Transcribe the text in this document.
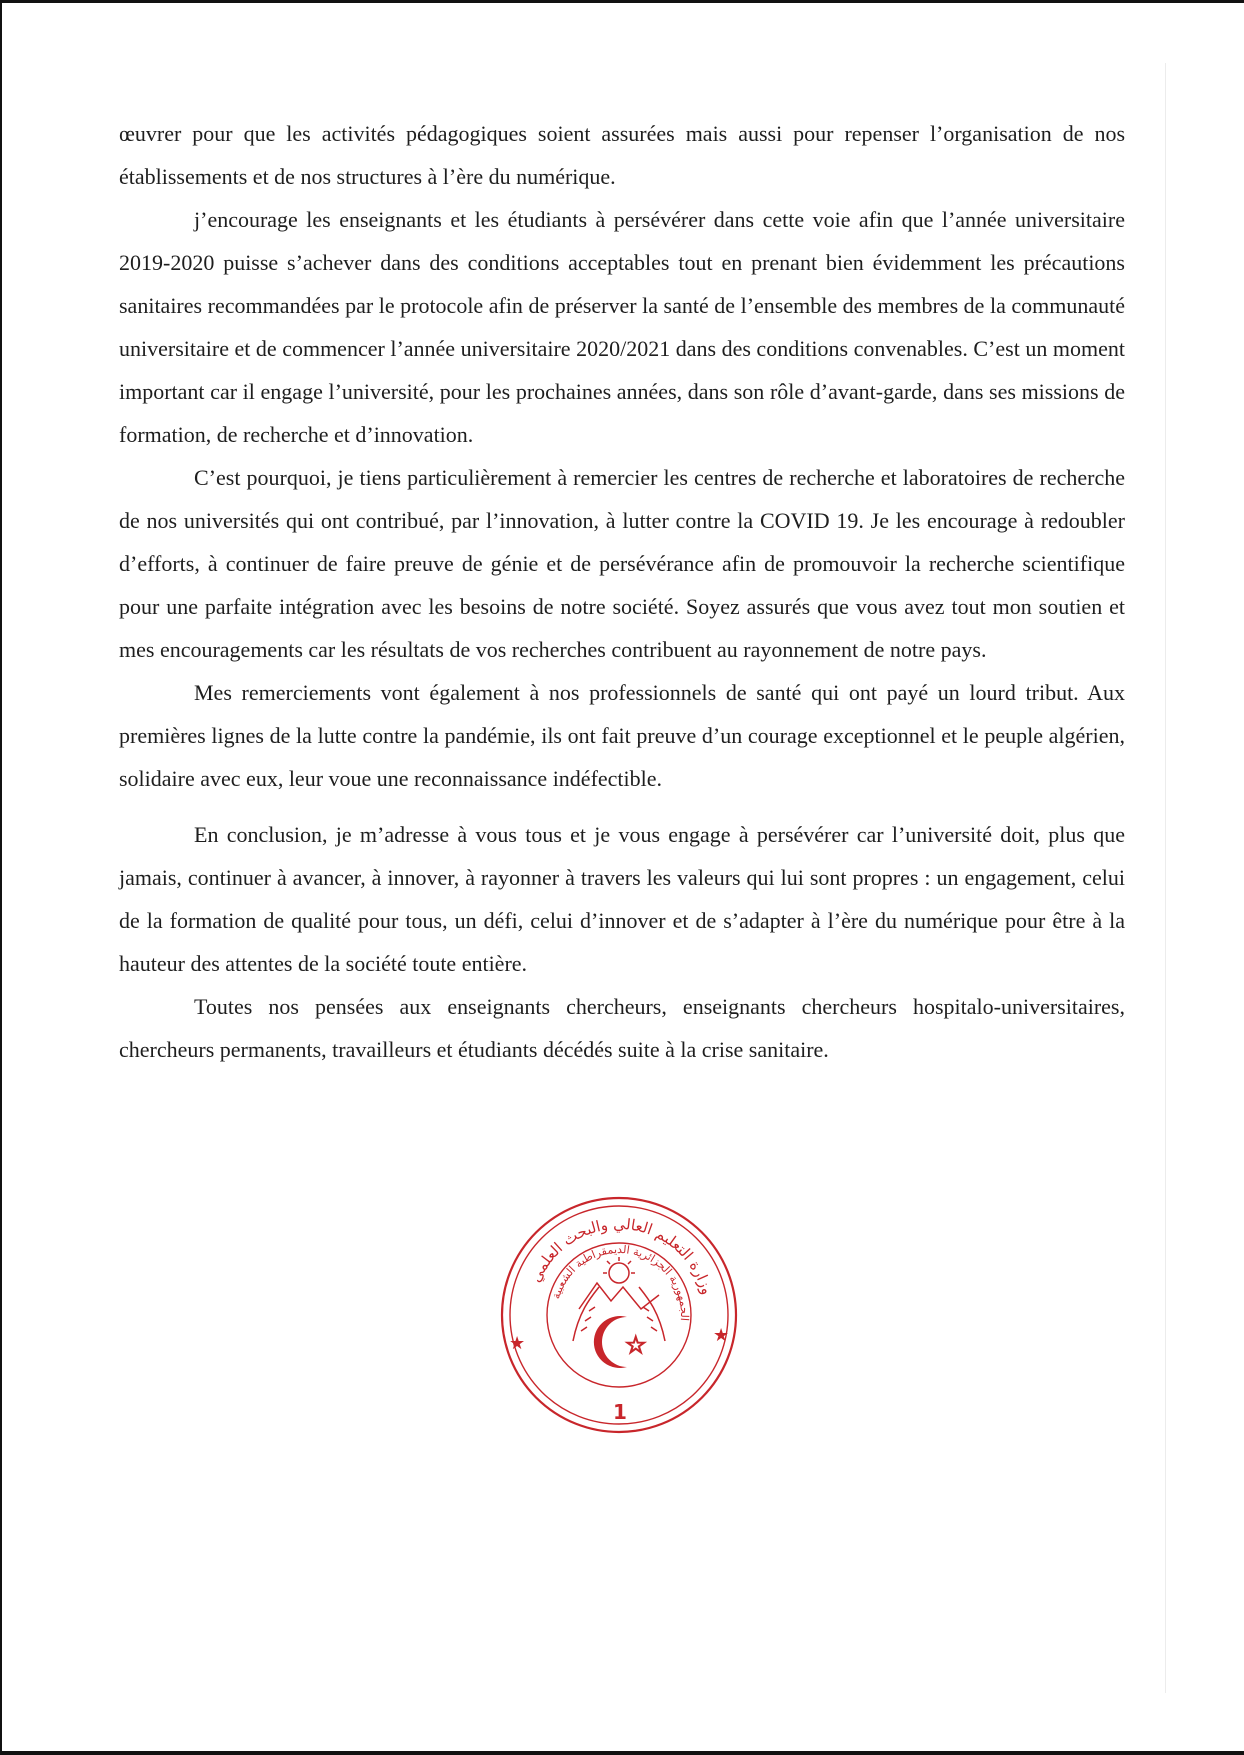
œuvrer pour que les activités pédagogiques soient assurées mais aussi pour repenser l’organisation de nos établissements et de nos structures à l’ère du numérique.

j’encourage les enseignants et les étudiants à persévérer dans cette voie afin que l’année universitaire 2019-2020 puisse s’achever dans des conditions acceptables tout en prenant bien évidemment les précautions sanitaires recommandées par le protocole afin de préserver la santé de l’ensemble des membres de la communauté universitaire et de commencer l’année universitaire 2020/2021 dans des conditions convenables. C’est un moment important car il engage l’université, pour les prochaines années, dans son rôle d’avant-garde, dans ses missions de formation, de recherche et d’innovation.

C’est pourquoi, je tiens particulièrement à remercier les centres de recherche et laboratoires de recherche de nos universités qui ont contribué, par l’innovation, à lutter contre la COVID 19. Je les encourage à redoubler d’efforts, à continuer de faire preuve de génie et de persévérance afin de promouvoir la recherche scientifique pour une parfaite intégration avec les besoins de notre société. Soyez assurés que vous avez tout mon soutien et mes encouragements car les résultats de vos recherches contribuent au rayonnement de notre pays.

Mes remerciements vont également à nos professionnels de santé qui ont payé un lourd tribut. Aux premières lignes de la lutte contre la pandémie, ils ont fait preuve d’un courage exceptionnel et le peuple algérien, solidaire avec eux, leur voue une reconnaissance indéfectible.

En conclusion, je m’adresse à vous tous et je vous engage à persévérer car l’université doit, plus que jamais, continuer à avancer, à innover, à rayonner à travers les valeurs qui lui sont propres : un engagement, celui de la formation de qualité pour tous, un défi, celui d’innover et de s’adapter à l’ère du numérique pour être à la hauteur des attentes de la société toute entière.

Toutes nos pensées aux enseignants chercheurs, enseignants chercheurs hospitalo-universitaires, chercheurs permanents, travailleurs et étudiants décédés suite à la crise sanitaire.

وزارة التعليم العالي والبحث العلمي
الجمهورية الجزائرية الديمقراطية الشعبية
★	★
☆
1
